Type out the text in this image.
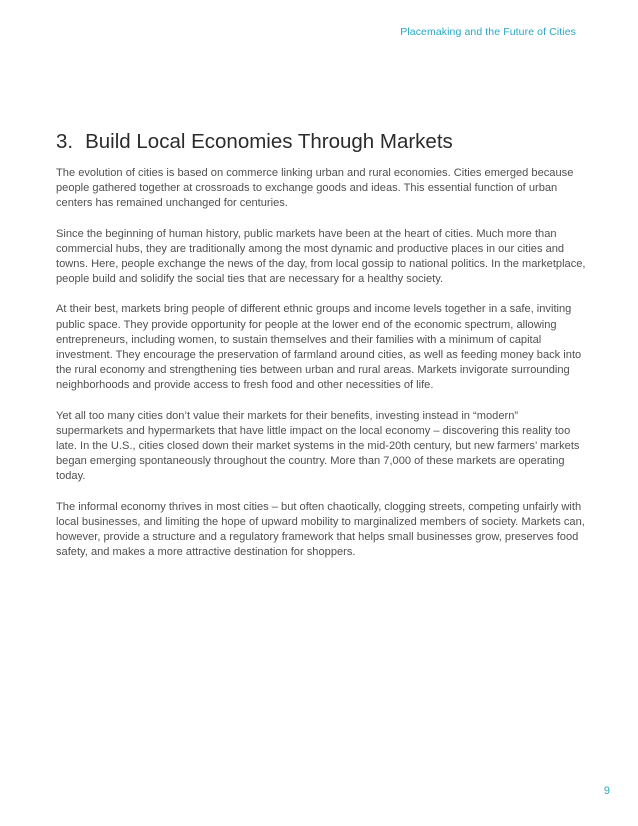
Placemaking and the Future of Cities
3. Build Local Economies Through Markets

The evolution of cities is based on commerce linking urban and rural economies. Cities emerged because people gathered together at crossroads to exchange goods and ideas. This essential function of urban centers has remained unchanged for centuries.

Since the beginning of human history, public markets have been at the heart of cities. Much more than commercial hubs, they are traditionally among the most dynamic and productive places in our cities and towns. Here, people exchange the news of the day, from local gossip to national politics. In the marketplace, people build and solidify the social ties that are necessary for a healthy society.

At their best, markets bring people of different ethnic groups and income levels together in a safe, inviting public space. They provide opportunity for people at the lower end of the economic spectrum, allowing entrepreneurs, including women, to sustain themselves and their families with a minimum of capital investment. They encourage the preservation of farmland around cities, as well as feeding money back into the rural economy and strengthening ties between urban and rural areas. Markets invigorate surrounding neighborhoods and provide access to fresh food and other necessities of life.

Yet all too many cities don’t value their markets for their benefits, investing instead in “modern” supermarkets and hypermarkets that have little impact on the local economy – discovering this reality too late. In the U.S., cities closed down their market systems in the mid-20th century, but new farmers’ markets began emerging spontaneously throughout the country. More than 7,000 of these markets are operating today.

The informal economy thrives in most cities – but often chaotically, clogging streets, competing unfairly with local businesses, and limiting the hope of upward mobility to marginalized members of society. Markets can, however, provide a structure and a regulatory framework that helps small businesses grow, preserves food safety, and makes a more attractive destination for shoppers.

9
